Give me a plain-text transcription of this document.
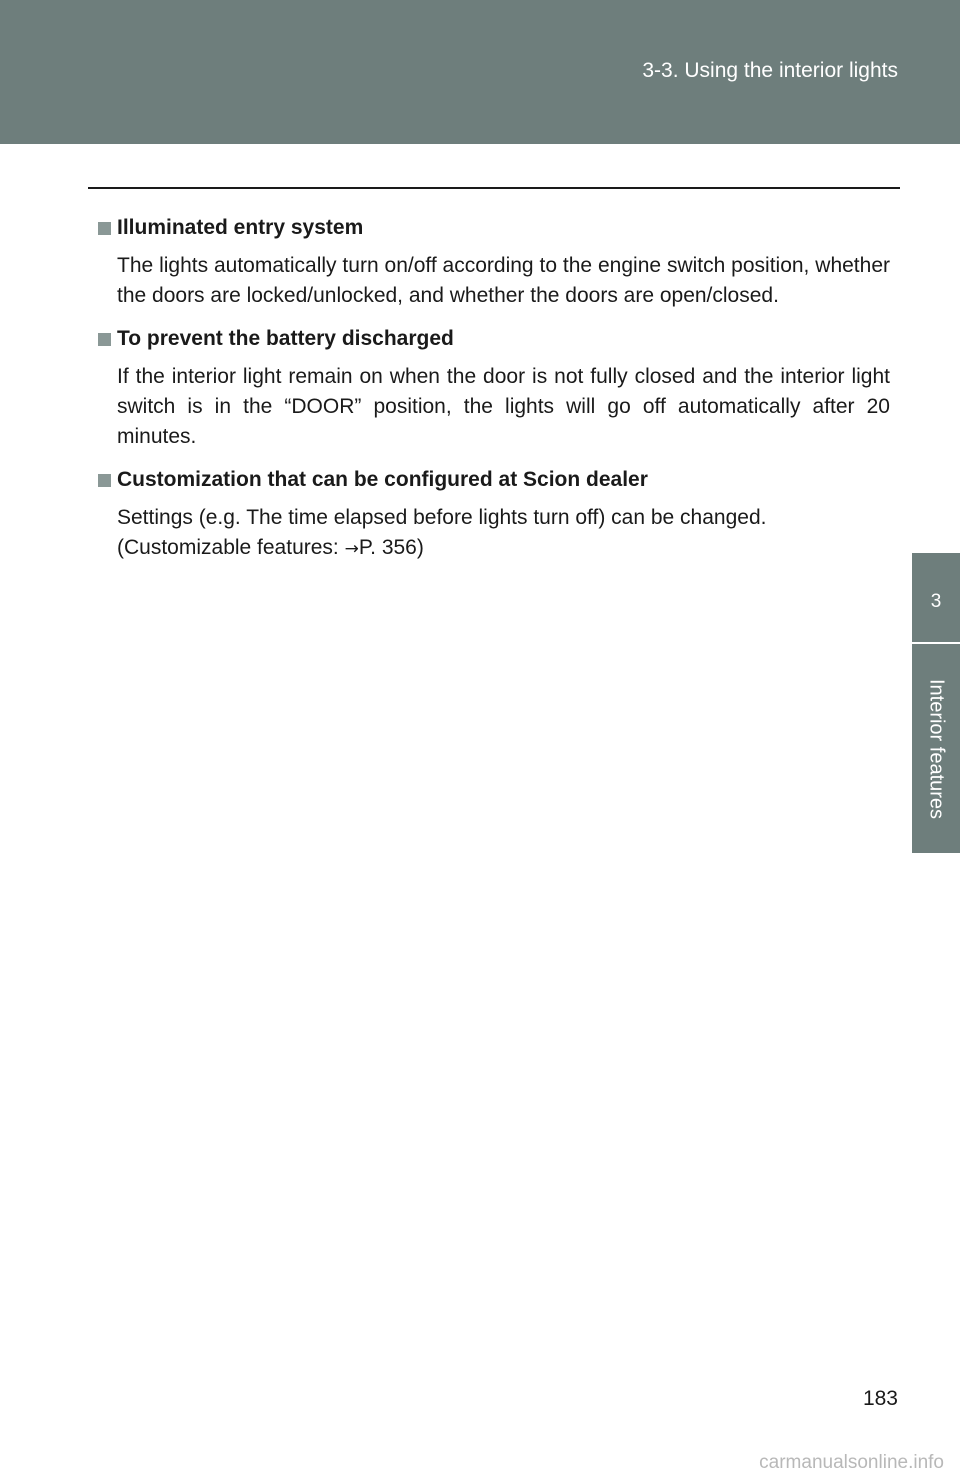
3-3. Using the interior lights
3
Interior features
Illuminated entry system

The lights automatically turn on/off according to the engine switch position, whether the doors are locked/unlocked, and whether the doors are open/closed.

To prevent the battery discharged

If the interior light remain on when the door is not fully closed and the interior light switch is in the “DOOR” position, the lights will go off automatically after 20 minutes.

Customization that can be configured at Scion dealer

Settings (e.g. The time elapsed before lights turn off) can be changed.

(Customizable features: →P. 356)

183
carmanualsonline.info
